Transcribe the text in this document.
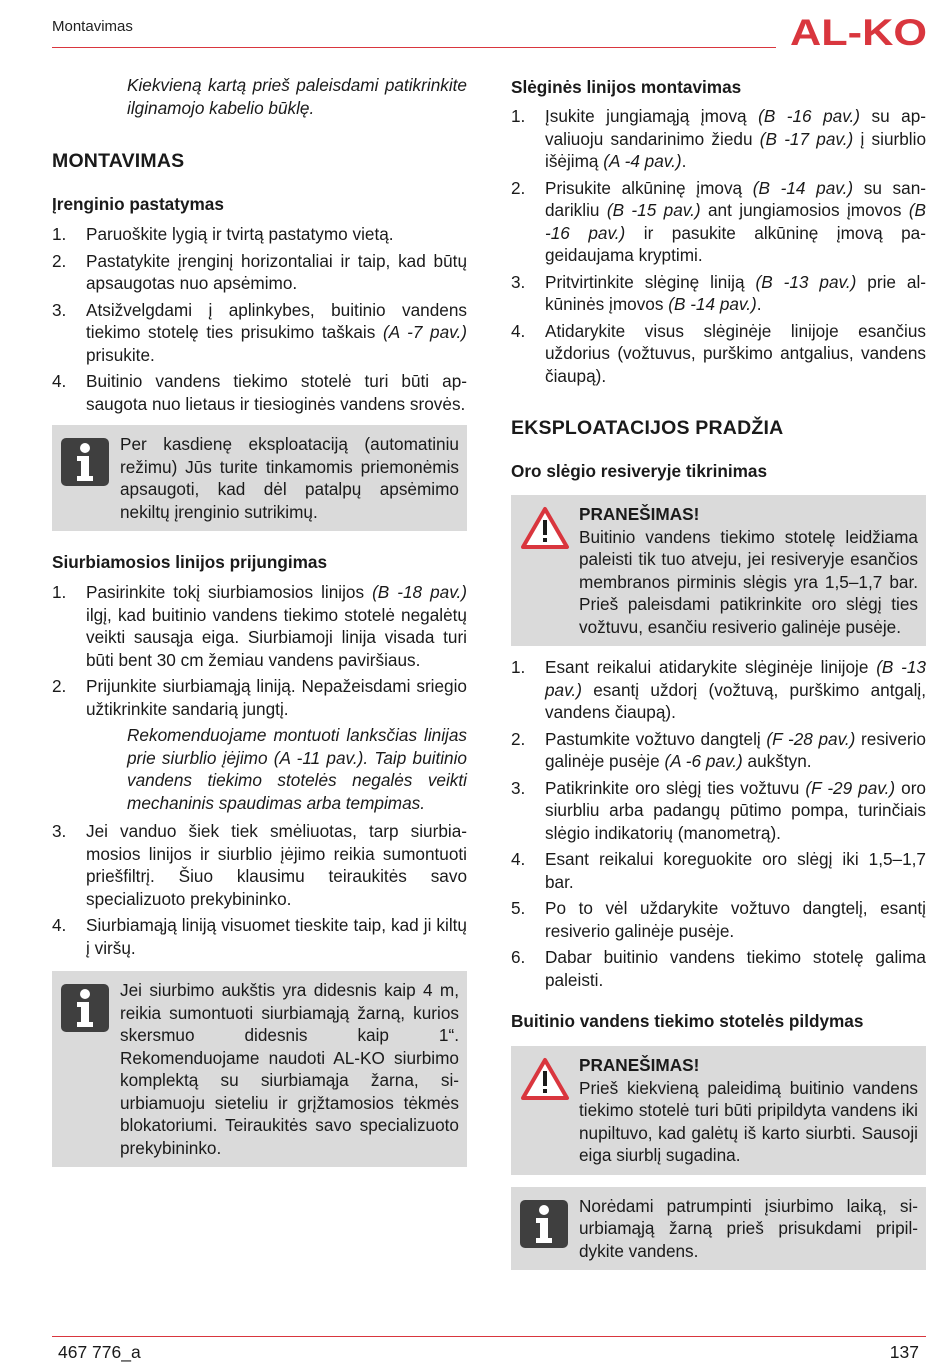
Montavimas	AL-KO

Kiekvieną kartą prieš paleisdami patikrinkite ilginamojo kabelio būklę.

MONTAVIMAS
Įrenginio pastatymas
1. Paruoškite lygią ir tvirtą pastatymo vietą.
2. Pastatykite įrenginį horizontaliai ir taip, kad būtų apsaugotas nuo apsėmimo.
3. Atsižvelgdami į aplinkybes, buitinio vandens tiekimo stotelę ties prisukimo taškais (A -7 pav.) prisukite.
4. Buitinio vandens tiekimo stotelė turi būti apsaugota nuo lietaus ir tiesioginės vandens srovės.
Per kasdienę eksploataciją (automatiniu režimu) Jūs turite tinkamomis priemonėmis apsaugoti, kad dėl patalpų apsėmimo nekiltų įrenginio sutrikimų.
Siurbiamosios linijos prijungimas
1. Pasirinkite tokį siurbiamosios linijos (B -18 pav.) ilgį, kad buitinio vandens tiekimo stotelė negalėtų veikti sausąja eiga. Siurbiamoji linija visada turi būti bent 30 cm žemiau vandens paviršiaus.
2. Prijunkite siurbiamąją liniją. Nepažeisdami sriegio užtikrinkite sandarią jungtį.

Rekomenduojame montuoti lanksčias linijas prie siurblio įėjimo (A -11 pav.). Taip buitinio vandens tiekimo stotelės negalės veikti mechaninis spaudimas arba tempimas.

3. Jei vanduo šiek tiek smėliuotas, tarp siurbiamosios linijos ir siurblio įėjimo reikia sumontuoti priešfiltrį. Šiuo klausimu teiraukitės savo specializuoto prekybininko.
4. Siurbiamąją liniją visuomet tieskite taip, kad ji kiltų į viršų.
Jei siurbimo aukštis yra didesnis kaip 4 m, reikia sumontuoti siurbiamąją žarną, kurios skersmuo didesnis kaip 1“. Rekomenduojame naudoti AL-KO siurbimo komplektą su siurbiamąja žarna, siurbiamuoju sieteliu ir grįžtamosios tėkmės blokatoriumi. Teiraukitės savo specializuoto prekybininko.
Slėginės linijos montavimas
1. Įsukite jungiamąją įmovą (B -16 pav.) su apvaliuoju sandarinimo žiedu (B -17 pav.) į siurblio išėjimą (A -4 pav.).
2. Prisukite alkūninę įmovą (B -14 pav.) su sandarikliu (B -15 pav.) ant jungiamosios įmovos (B -16 pav.) ir pasukite alkūninę įmovą pageidaujama kryptimi.
3. Pritvirtinkite slėginę liniją (B -13 pav.) prie alkūninės įmovos (B -14 pav.).
4. Atidarykite visus slėginėje linijoje esančius uždorius (vožtuvus, purškimo antgalius, vandens čiaupą).
EKSPLOATACIJOS PRADŽIA
Oro slėgio resiveryje tikrinimas
PRANEŠIMAS!
Buitinio vandens tiekimo stotelę leidžiama paleisti tik tuo atveju, jei resiveryje esančios membranos pirminis slėgis yra 1,5–1,7 bar. Prieš paleisdami patikrinkite oro slėgį ties vožtuvu, esančiu resiverio galinėje pusėje.
1. Esant reikalui atidarykite slėginėje linijoje (B -13 pav.) esantį uždorį (vožtuvą, purškimo antgalį, vandens čiaupą).
2. Pastumkite vožtuvo dangtelį (F -28 pav.) resiverio galinėje pusėje (A -6 pav.) aukštyn.
3. Patikrinkite oro slėgį ties vožtuvu (F -29 pav.) oro siurbliu arba padangų pūtimo pompa, turinčiais slėgio indikatorių (manometrą).
4. Esant reikalui koreguokite oro slėgį iki 1,5–1,7 bar.
5. Po to vėl uždarykite vožtuvo dangtelį, esantį resiverio galinėje pusėje.
6. Dabar buitinio vandens tiekimo stotelę galima paleisti.
Buitinio vandens tiekimo stotelės pildymas
PRANEŠIMAS!
Prieš kiekvieną paleidimą buitinio vandens tiekimo stotelė turi būti pripildyta vandens iki nupiltuvo, kad galėtų iš karto siurbti. Sausoji eiga siurblį sugadina.
Norėdami patrumpinti įsiurbimo laiką, siurbiamąją žarną prieš prisukdami pripildykite vandens.
467 776_a	137
